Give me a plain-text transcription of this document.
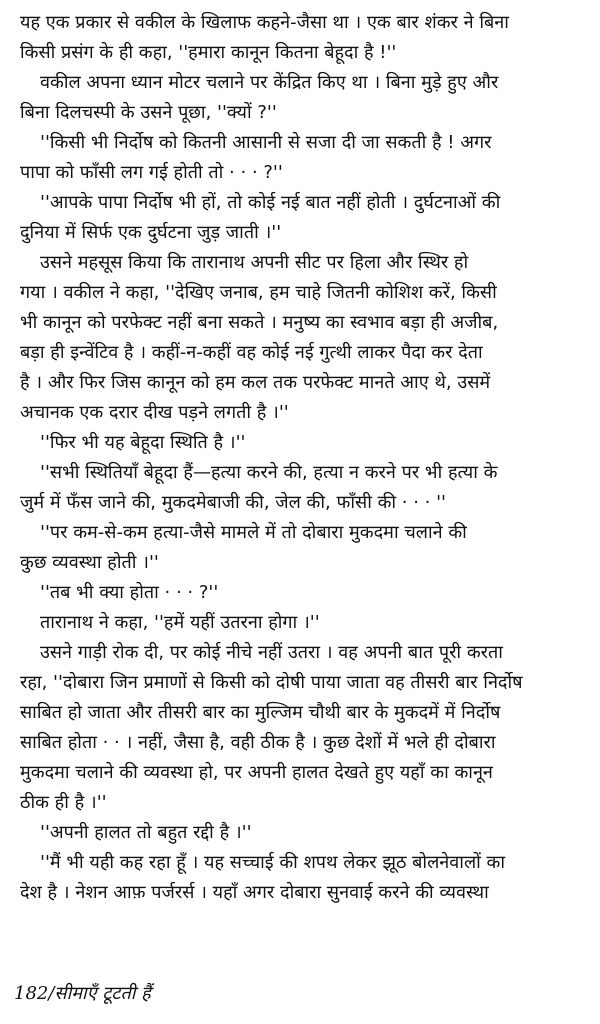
यह एक प्रकार से वकील के खिलाफ कहने-जैसा था । एक बार शंकर ने बिना
किसी प्रसंग के ही कहा, ''हमारा कानून कितना बेहूदा है !''
वकील अपना ध्यान मोटर चलाने पर केंद्रित किए था । बिना मुड़े हुए और
बिना दिलचस्पी के उसने पूछा, ''क्यों ?''
''किसी भी निर्दोष को कितनी आसानी से सजा दी जा सकती है ! अगर
पापा को फाँसी लग गई होती तो · · · ?''
''आपके पापा निर्दोष भी हों, तो कोई नई बात नहीं होती । दुर्घटनाओं की
दुनिया में सिर्फ एक दुर्घटना जुड़ जाती ।''
उसने महसूस किया कि तारानाथ अपनी सीट पर हिला और स्थिर हो
गया । वकील ने कहा, ''देखिए जनाब, हम चाहे जितनी कोशिश करें, किसी
भी कानून को परफेक्ट नहीं बना सकते । मनुष्य का स्वभाव बड़ा ही अजीब,
बड़ा ही इन्वेंटिव है । कहीं-न-कहीं वह कोई नई गुत्थी लाकर पैदा कर देता
है । और फिर जिस कानून को हम कल तक परफेक्ट मानते आए थे, उसमें
अचानक एक दरार दीख पड़ने लगती है ।''
''फिर भी यह बेहूदा स्थिति है ।''
''सभी स्थितियाँ बेहूदा हैं—हत्या करने की, हत्या न करने पर भी हत्या के
जुर्म में फँस जाने की, मुकदमेबाजी की, जेल की, फाँसी की · · · ''
''पर कम-से-कम हत्या-जैसे मामले में तो दोबारा मुकदमा चलाने की
कुछ व्यवस्था होती ।''
''तब भी क्या होता · · · ?''
तारानाथ ने कहा, ''हमें यहीं उतरना होगा ।''
उसने गाड़ी रोक दी, पर कोई नीचे नहीं उतरा । वह अपनी बात पूरी करता
रहा, ''दोबारा जिन प्रमाणों से किसी को दोषी पाया जाता वह तीसरी बार निर्दोष
साबित हो जाता और तीसरी बार का मुल्जिम चौथी बार के मुकदमें में निर्दोष
साबित होता · · । नहीं, जैसा है, वही ठीक है । कुछ देशों में भले ही दोबारा
मुकदमा चलाने की व्यवस्था हो, पर अपनी हालत देखते हुए यहाँ का कानून
ठीक ही है ।''
''अपनी हालत तो बहुत रद्दी है ।''
''मैं भी यही कह रहा हूँ । यह सच्चाई की शपथ लेकर झूठ बोलनेवालों का
देश है । नेशन आफ़ पर्जरर्स । यहाँ अगर दोबारा सुनवाई करने की व्यवस्था
182/सीमाएँ टूटती हैं
